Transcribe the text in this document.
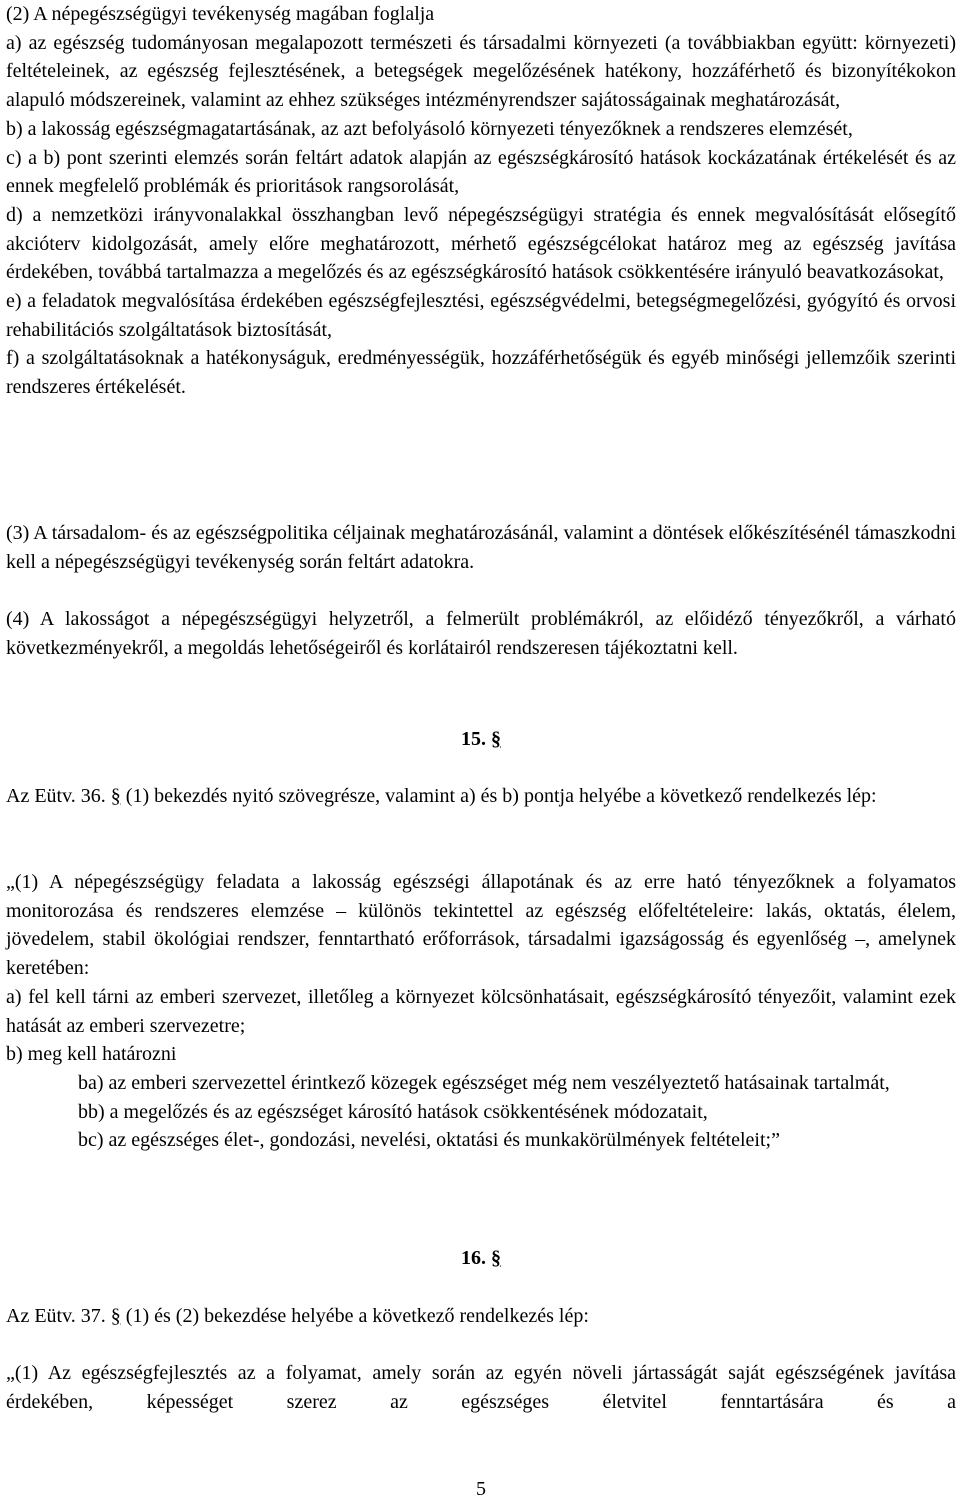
(2) A népegészségügyi tevékenység magában foglalja

a) az egészség tudományosan megalapozott természeti és társadalmi környezeti (a továbbiakban együtt: környezeti) feltételeinek, az egészség fejlesztésének, a betegségek megelőzésének hatékony, hozzáférhető és bizonyítékokon alapuló módszereinek, valamint az ehhez szükséges intézményrendszer sajátosságainak meghatározását,

b) a lakosság egészségmagatartásának, az azt befolyásoló környezeti tényezőknek a rendszeres elemzését,

c) a b) pont szerinti elemzés során feltárt adatok alapján az egészségkárosító hatások kockázatának értékelését és az ennek megfelelő problémák és prioritások rangsorolását,

d) a nemzetközi irányvonalakkal összhangban levő népegészségügyi stratégia és ennek megvalósítását elősegítő akcióterv kidolgozását, amely előre meghatározott, mérhető egészségcélokat határoz meg az egészség javítása érdekében, továbbá tartalmazza a megelőzés és az egészségkárosító hatások csökkentésére irányuló beavatkozásokat,

e) a feladatok megvalósítása érdekében egészségfejlesztési, egészségvédelmi, betegségmegelőzési, gyógyító és orvosi rehabilitációs szolgáltatások biztosítását,

f) a szolgáltatásoknak a hatékonyságuk, eredményességük, hozzáférhetőségük és egyéb minőségi jellemzőik szerinti rendszeres értékelését.

(3) A társadalom- és az egészségpolitika céljainak meghatározásánál, valamint a döntések előkészítésénél támaszkodni kell a népegészségügyi tevékenység során feltárt adatokra.

(4) A lakosságot a népegészségügyi helyzetről, a felmerült problémákról, az előidéző tényezőkről, a várható következményekről, a megoldás lehetőségeiről és korlátairól rendszeresen tájékoztatni kell.

15. §

Az Eütv. 36. § (1) bekezdés nyitó szövegrésze, valamint a) és b) pontja helyébe a következő rendelkezés lép:

„(1) A népegészségügy feladata a lakosság egészségi állapotának és az erre ható tényezőknek a folyamatos monitorozása és rendszeres elemzése – különös tekintettel az egészség előfeltételeire: lakás, oktatás, élelem, jövedelem, stabil ökológiai rendszer, fenntartható erőforrások, társadalmi igazságosság és egyenlőség –, amelynek keretében:

a) fel kell tárni az emberi szervezet, illetőleg a környezet kölcsönhatásait, egészségkárosító tényezőit, valamint ezek hatását az emberi szervezetre;

b) meg kell határozni

ba) az emberi szervezettel érintkező közegek egészséget még nem veszélyeztető hatásainak tartalmát,

bb) a megelőzés és az egészséget károsító hatások csökkentésének módozatait,

bc) az egészséges élet-, gondozási, nevelési, oktatási és munkakörülmények feltételeit;”

16. §

Az Eütv. 37. § (1) és (2) bekezdése helyébe a következő rendelkezés lép:

„(1) Az egészségfejlesztés az a folyamat, amely során az egyén növeli jártasságát saját egészségének javítása érdekében, képességet szerez az egészséges életvitel fenntartására és a

5
